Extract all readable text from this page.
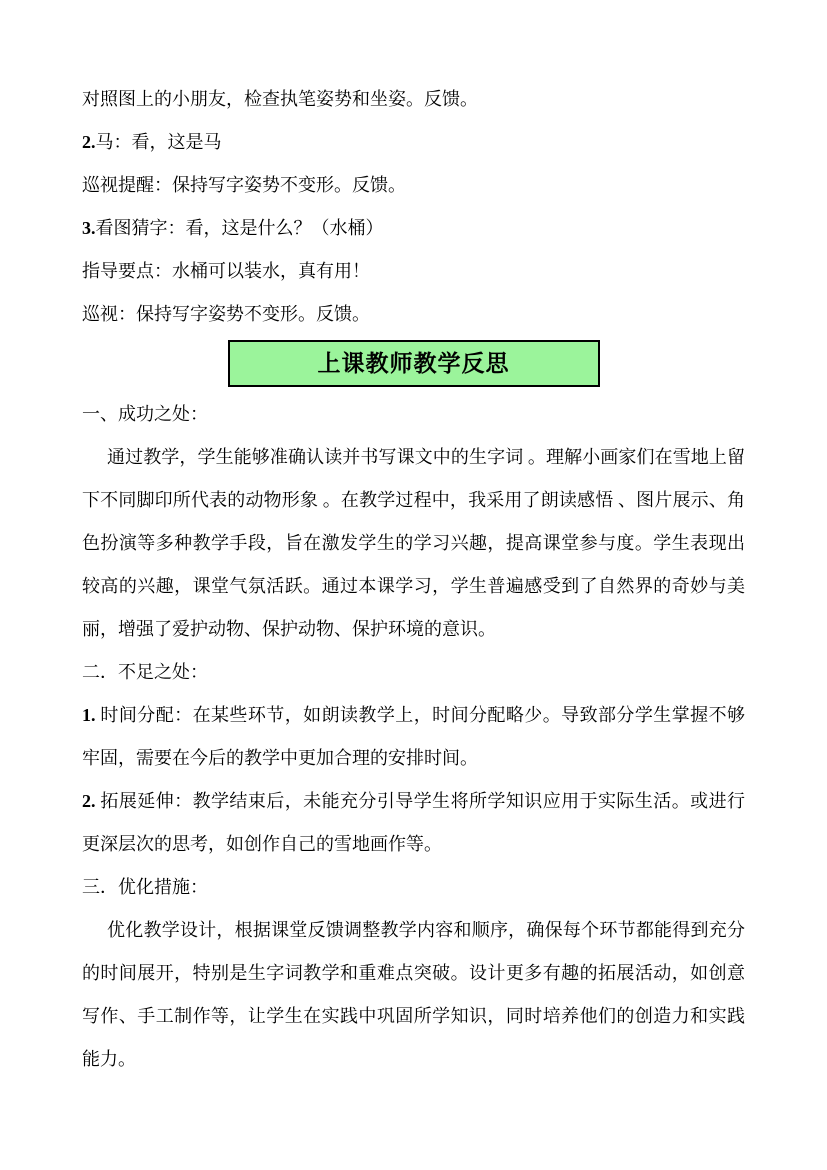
对照图上的小朋友，检查执笔姿势和坐姿。反馈。

2.马：看，这是马

巡视提醒：保持写字姿势不变形。反馈。

3.看图猜字：看，这是什么？（水桶）

指导要点：水桶可以装水，真有用！

巡视：保持写字姿势不变形。反馈。

上课教师教学反思

一、成功之处：

通过教学，学生能够准确认读并书写课文中的生字词 。理解小画家们在雪地上留下不同脚印所代表的动物形象 。在教学过程中，我采用了朗读感悟 、图片展示、角色扮演等多种教学手段，旨在激发学生的学习兴趣，提高课堂参与度。学生表现出较高的兴趣，课堂气氛活跃。通过本课学习，学生普遍感受到了自然界的奇妙与美丽，增强了爱护动物、保护动物、保护环境的意识。

二．不足之处：

1. 时间分配：在某些环节，如朗读教学上，时间分配略少。导致部分学生掌握不够牢固，需要在今后的教学中更加合理的安排时间。

2. 拓展延伸：教学结束后，未能充分引导学生将所学知识应用于实际生活。或进行更深层次的思考，如创作自己的雪地画作等。

三．优化措施：

优化教学设计，根据课堂反馈调整教学内容和顺序，确保每个环节都能得到充分的时间展开，特别是生字词教学和重难点突破。设计更多有趣的拓展活动，如创意写作、手工制作等，让学生在实践中巩固所学知识，同时培养他们的创造力和实践能力。
